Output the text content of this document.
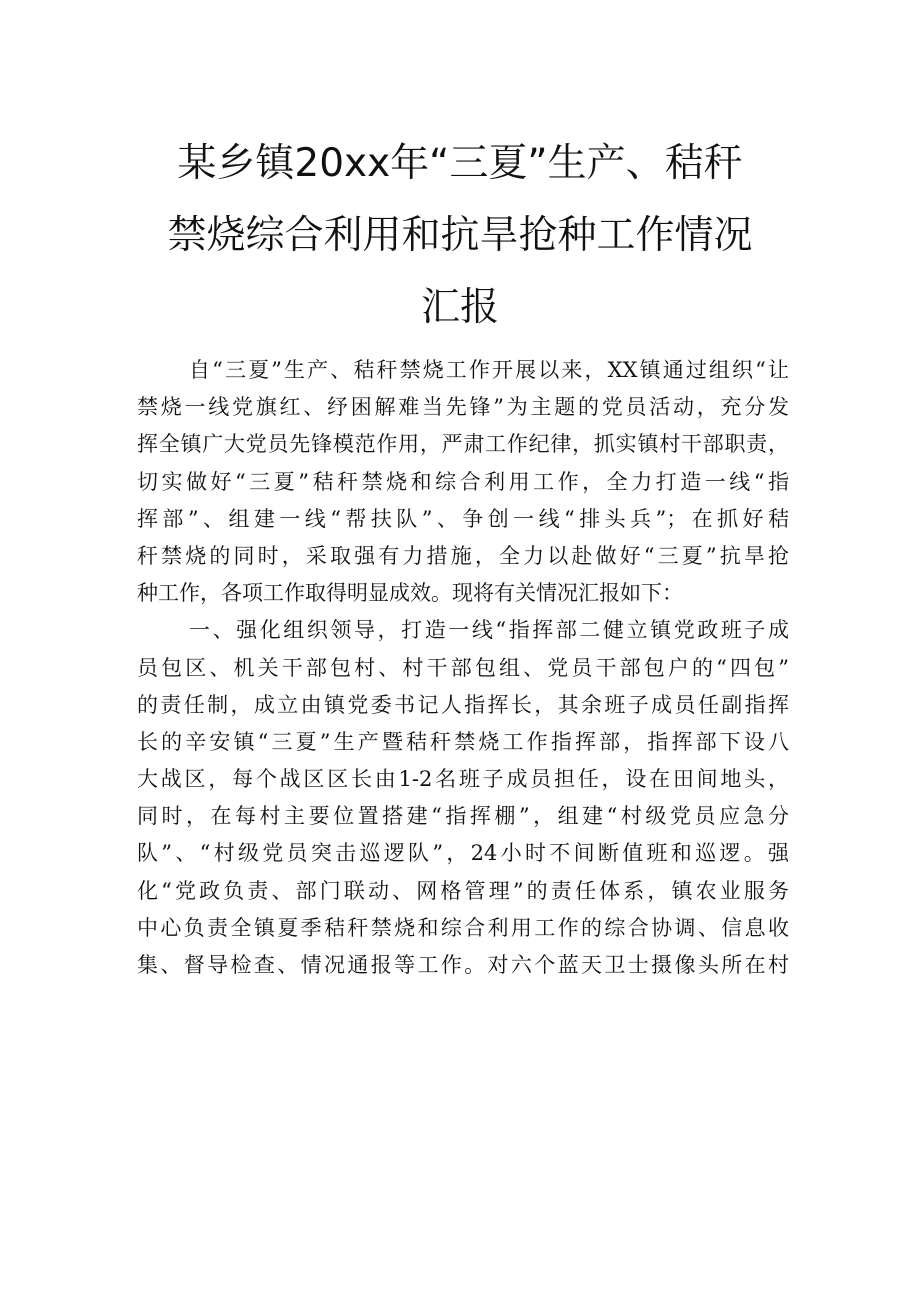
某乡镇20xx年“三夏”生产、秸秆
禁烧综合利用和抗旱抢种工作情况
汇报
自“三夏”生产、秸秆禁烧工作开展以来，XX镇通过组织“让
禁烧一线党旗红、纾困解难当先锋”为主题的党员活动，充分发
挥全镇广大党员先锋模范作用，严肃工作纪律，抓实镇村干部职责，
切实做好“三夏”秸秆禁烧和综合利用工作，全力打造一线“指
挥部”、组建一线“帮扶队”、争创一线“排头兵”；在抓好秸
秆禁烧的同时，采取强有力措施，全力以赴做好“三夏”抗旱抢
种工作，各项工作取得明显成效。现将有关情况汇报如下：
一、强化组织领导，打造一线“指挥部二健立镇党政班子成
员包区、机关干部包村、村干部包组、党员干部包户的“四包”
的责任制，成立由镇党委书记人指挥长，其余班子成员任副指挥
长的辛安镇“三夏”生产暨秸秆禁烧工作指挥部，指挥部下设八
大战区，每个战区区长由1-2名班子成员担任，设在田间地头，
同时，在每村主要位置搭建“指挥棚”，组建“村级党员应急分
队”、“村级党员突击巡逻队”，24小时不间断值班和巡逻。强
化“党政负责、部门联动、网格管理”的责任体系，镇农业服务
中心负责全镇夏季秸秆禁烧和综合利用工作的综合协调、信息收
集、督导检查、情况通报等工作。对六个蓝天卫士摄像头所在村
